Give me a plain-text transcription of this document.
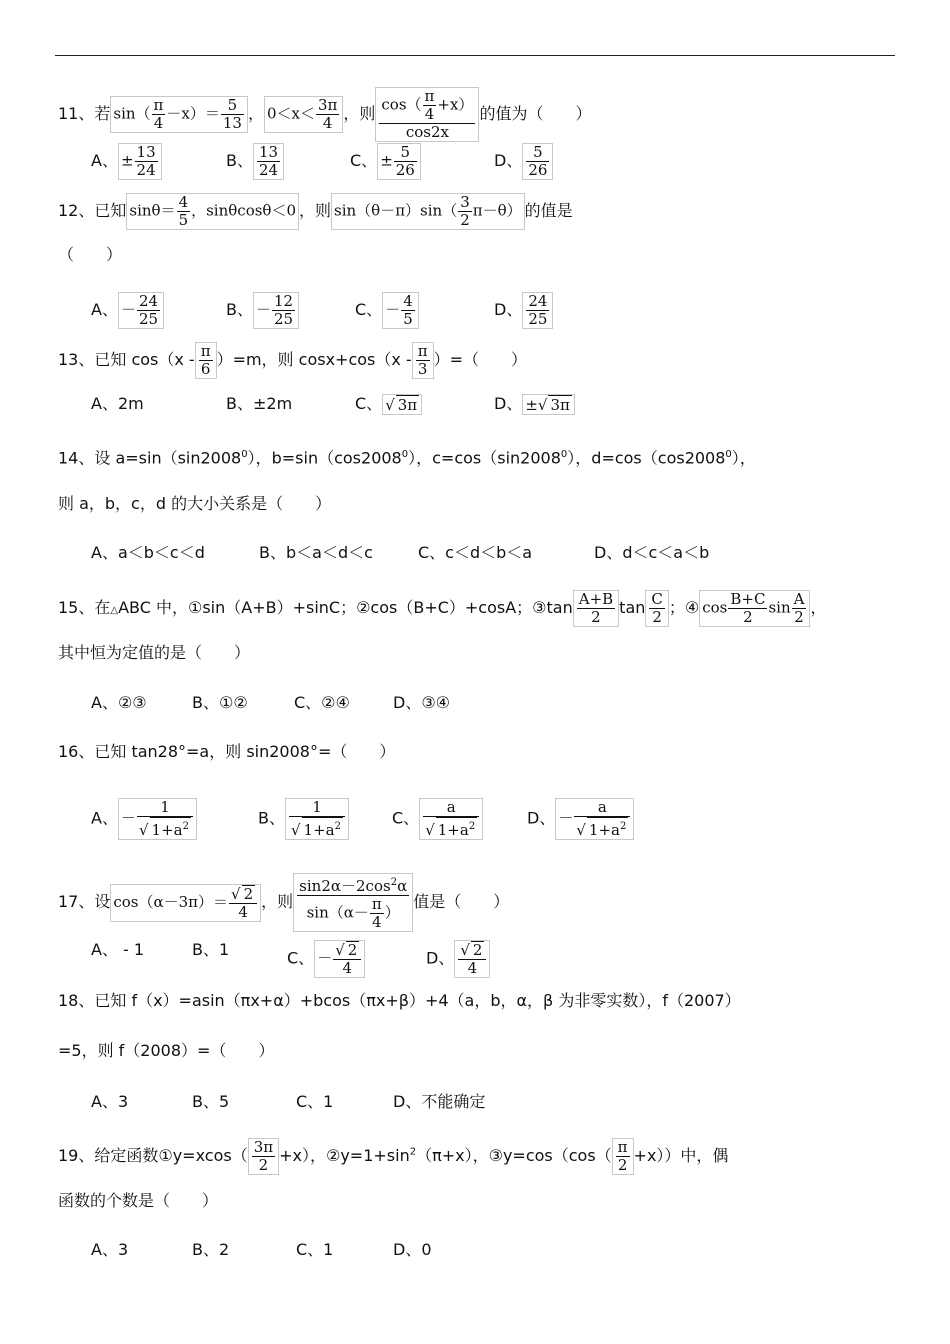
11、若 $\sin( \frac{\pi}{4} -x)= \frac{5}{13}$ ， $0<x< \frac{3\pi}{4}$ ，则 $\frac{\cos( \frac{\pi}{4} +x)}{\cos 2x}$ 的值为（　　）
A、 ± $\frac{13}{24}$	B、 $\frac{13}{24}$	C、 ± $\frac{5}{26}$	D、 $\frac{5}{26}$
12、已知 $\sin\theta= \frac{4}{5}$ ，sinθcosθ＜0 ，则 $\sin(\theta-\pi)\sin( \frac{3}{2} \pi-\theta)$ 的值是
（　　）
A、 － $\frac{24}{25}$	B、 － $\frac{12}{25}$	C、 － $\frac{4}{5}$	D、 $\frac{24}{25}$
13、已知 $\cos(x - \frac{\pi}{6} )=m$，则 $\cos x+\cos(x - \frac{\pi}{3}$ ）=（　　）
A、2m	B、±2m	C、 √ 3π	D、 ±√ 3π
14、设 $a=\sin(\sin 2008^0)$，$b=\sin(\cos 2008^0)$，$c=\cos(\sin 2008^0)$，$d=\cos(\cos 2008^0)$，
则 a，b，c，d 的大小关系是（　　）
A、a＜b＜c＜d	B、b＜a＜d＜c	C、c＜d＜b＜a	D、d＜c＜a＜b
15、在△ABC 中，①sin（A+B）+sinC；②cos（B+C）+cosA；③tan $\frac{A+B}{2}$ $\tan \frac{C}{2}$ ；④ $\cos \frac{B+C}{2}$ $\sin \frac{A}{2}$ ，
其中恒为定值的是（　　）
A、②③	B、①②	C、②④	D、③④
16、已知 tan28°=a，则 sin2008°=（　　）
A、 － $\frac{1}{√ 1+a^2}$	B、 $\frac{1}{√ 1+a^2}$	C、 $\frac{a}{√ 1+a^2}$	D、 － $\frac{a}{√ 1+a^2}$
17、设 $\cos(\alpha-3\pi)= \frac{√ 2}{4}$ ，则 $\frac{\sin 2\alpha-2\cos^2\alpha}{\sin(\alpha- \frac{\pi}{4} )}$ 值是（　　）
A、 - 1	B、1	C、 － $\frac{√ 2}{4}$	D、 $\frac{√ 2}{4}$
18、已知 f（x）=asin（πx+α）+bcos（πx+β）+4（a，b，α，β 为非零实数），f（2007）
=5，则 f（2008）=（　　）
A、3	B、5	C、1	D、不能确定
19、给定函数①y=xcos（ $\frac{3\pi}{2} +x$），$②y=1+\sin^2(\pi+x)$，③y=cos（cos（ $\frac{\pi}{2} +x$））中，偶
函数的个数是（　　）
A、3	B、2	C、1	D、0
